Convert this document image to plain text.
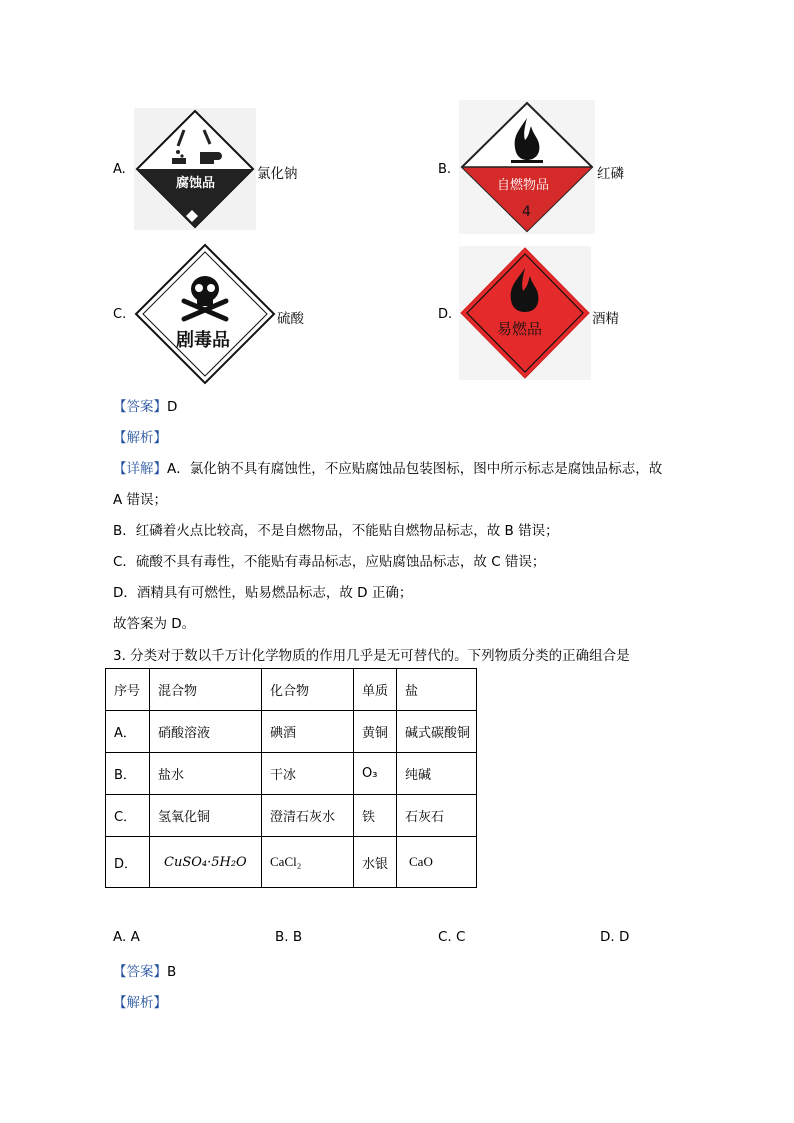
A.
腐蚀品
氯化钠	B.
自燃物品
4
红磷
C.
剧毒品
硫酸	D.
易燃品
酒精
【答案】D
【解析】
【详解】A．氯化钠不具有腐蚀性，不应贴腐蚀品包装图标，图中所示标志是腐蚀品标志，故
A 错误；
B．红磷着火点比较高，不是自燃物品，不能贴自燃物品标志，故 B 错误；
C．硫酸不具有毒性，不能贴有毒品标志，应贴腐蚀品标志，故 C 错误；
D．酒精具有可燃性，贴易燃品标志，故 D 正确；
故答案为 D。
3. 分类对于数以千万计化学物质的作用几乎是无可替代的。下列物质分类的正确组合是
序号	混合物	化合物	单质	盐
A．	硝酸溶液	碘酒	黄铜	碱式碳酸铜
B．	盐水	干冰	O₃	纯碱
C．	氢氧化铜	澄清石灰水	铁	石灰石
D．	CuSO₄·5H₂O	CaCl₂	水银	CaO
A. A	B. B	C. C	D. D
【答案】B
【解析】
